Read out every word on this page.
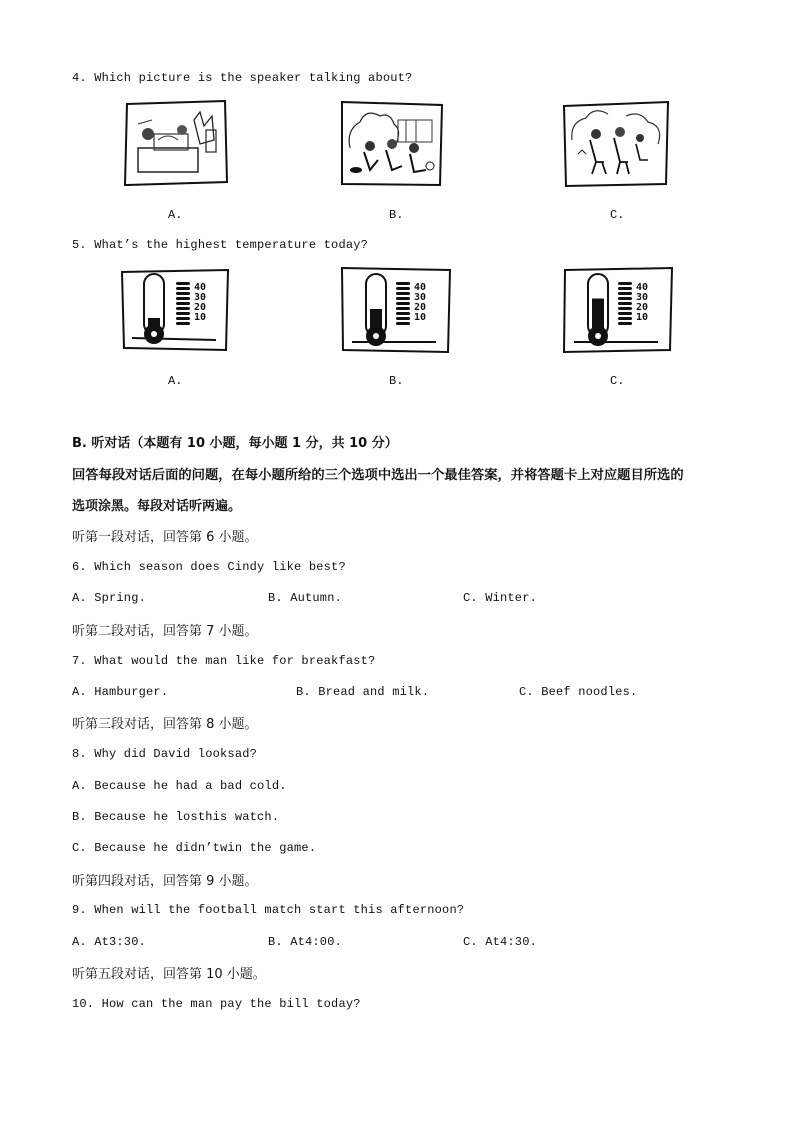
4. Which picture is the speaker talking about?
A.	B.	C.
5. What’s the highest temperature today?
40
30
20
10
40
30
20
10
40
30
20
10
A.	B.	C.
B. 听对话（本题有 10 小题，每小题 1 分，共 10 分）
回答每段对话后面的问题，在每小题所给的三个选项中选出一个最佳答案，并将答题卡上对应题目所选的
选项涂黑。每段对话听两遍。
听第一段对话，回答第 6 小题。
6. Which season does Cindy like best?
A. Spring.	B. Autumn.	C. Winter.
听第二段对话，回答第 7 小题。
7. What would the man like for breakfast?
A. Hamburger.	B. Bread and milk.	C. Beef noodles.
听第三段对话，回答第 8 小题。
8. Why did David looksad?
A. Because he had a bad cold.
B. Because he losthis watch.
C. Because he didn’twin the game.
听第四段对话，回答第 9 小题。
9. When will the football match start this afternoon?
A. At3:30.	B. At4:00.	C. At4:30.
听第五段对话，回答第 10 小题。
10. How can the man pay the bill today?
